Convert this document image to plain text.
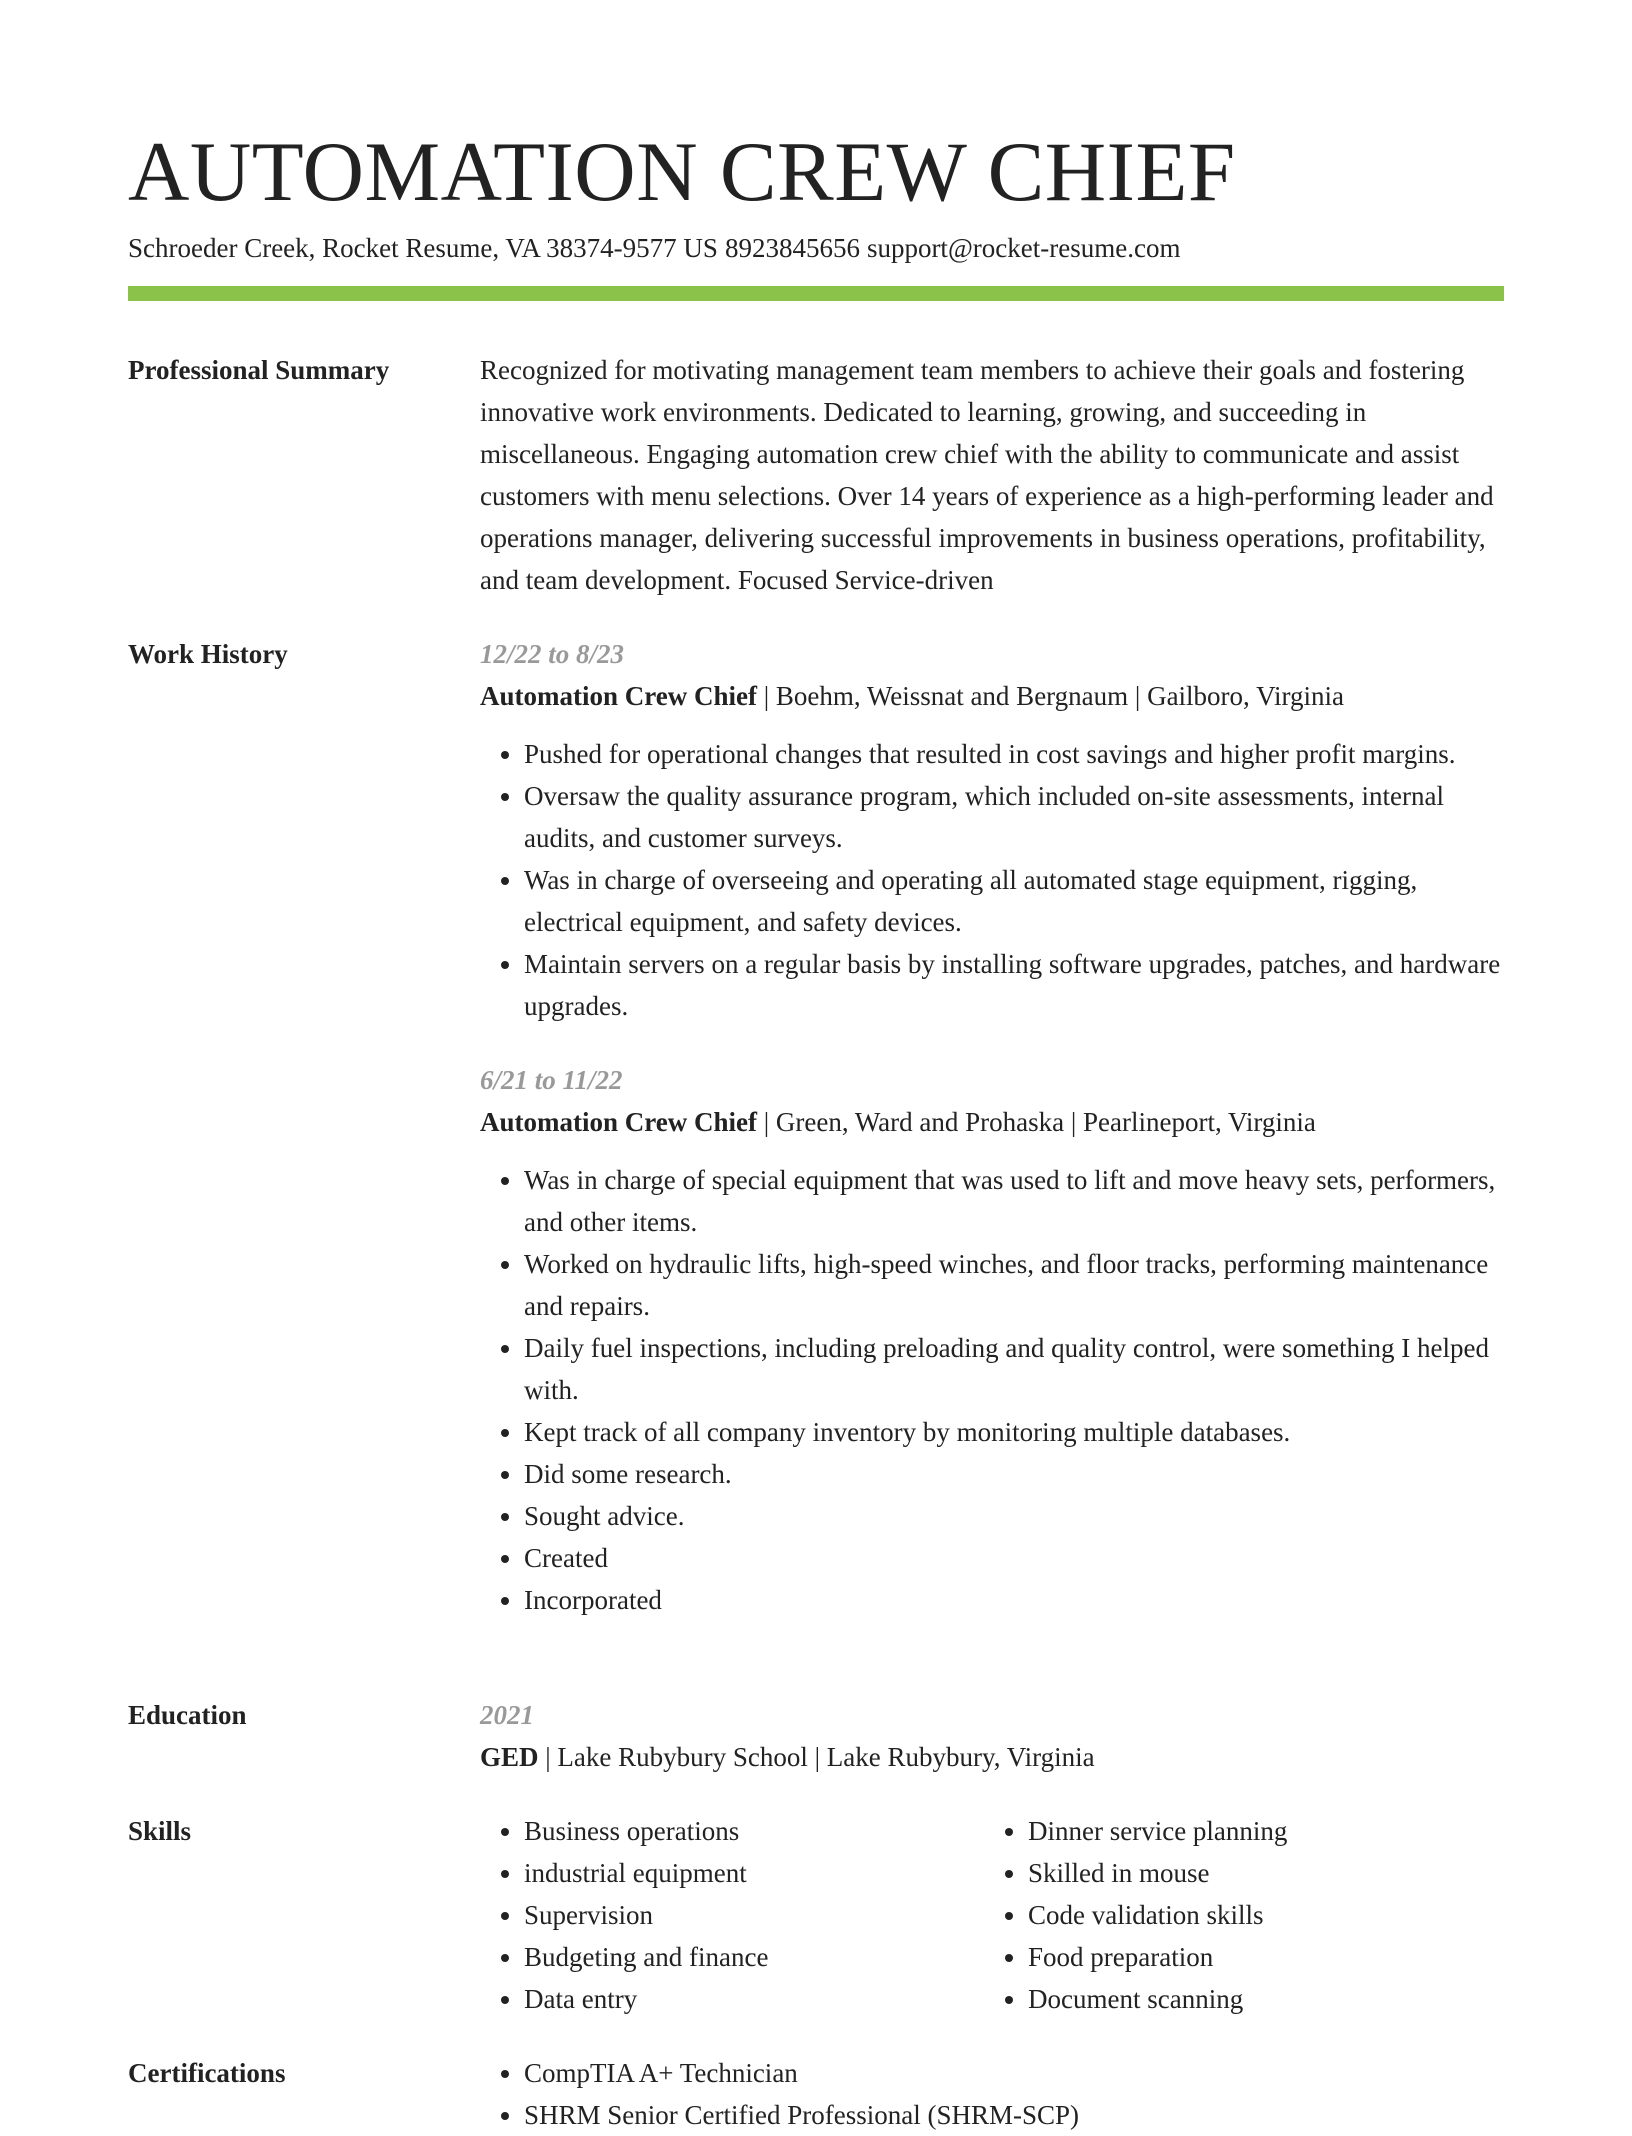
AUTOMATION CREW CHIEF
Schroeder Creek, Rocket Resume, VA 38374-9577 US 8923845656 support@rocket-resume.com
Professional Summary	Recognized for motivating management team members to achieve their goals and fostering innovative work environments. Dedicated to learning, growing, and succeeding in miscellaneous. Engaging automation crew chief with the ability to communicate and assist customers with menu selections. Over 14 years of experience as a high-performing leader and operations manager, delivering successful improvements in business operations, profitability, and team development. Focused Service-driven

Work History	12/22 to 8/23
Automation Crew Chief | Boehm, Weissnat and Bergnaum | Gailboro, Virginia
• Pushed for operational changes that resulted in cost savings and higher profit margins.
• Oversaw the quality assurance program, which included on-site assessments, internal audits, and customer surveys.
• Was in charge of overseeing and operating all automated stage equipment, rigging, electrical equipment, and safety devices.
• Maintain servers on a regular basis by installing software upgrades, patches, and hardware upgrades.
6/21 to 11/22
Automation Crew Chief | Green, Ward and Prohaska | Pearlineport, Virginia
• Was in charge of special equipment that was used to lift and move heavy sets, performers, and other items.
• Worked on hydraulic lifts, high-speed winches, and floor tracks, performing maintenance and repairs.
• Daily fuel inspections, including preloading and quality control, were something I helped with.
• Kept track of all company inventory by monitoring multiple databases.
• Did some research.
• Sought advice.
• Created
• Incorporated
Education	2021
GED | Lake Rubybury School | Lake Rubybury, Virginia
Skills	• Business operations
• industrial equipment
• Supervision
• Budgeting and finance
• Data entry
• Dinner service planning
• Skilled in mouse
• Code validation skills
• Food preparation
• Document scanning
Certifications	• CompTIA A+ Technician
• SHRM Senior Certified Professional (SHRM-SCP)
